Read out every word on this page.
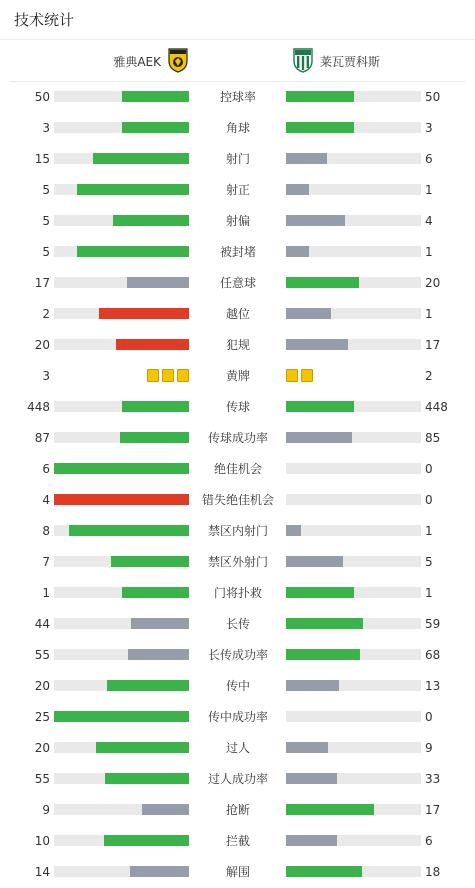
技术统计
雅典AEK	莱瓦贾科斯
50	控球率	50
3	角球	3
15	射门	6
5	射正	1
5	射偏	4
5	被封堵	1
17	任意球	20
2	越位	1
20	犯规	17
3	黄牌	2
448	传球	448
87	传球成功率	85
6	绝佳机会	0
4	错失绝佳机会	0
8	禁区内射门	1
7	禁区外射门	5
1	门将扑救	1
44	长传	59
55	长传成功率	68
20	传中	13
25	传中成功率	0
20	过人	9
55	过人成功率	33
9	抢断	17
10	拦截	6
14	解围	18
